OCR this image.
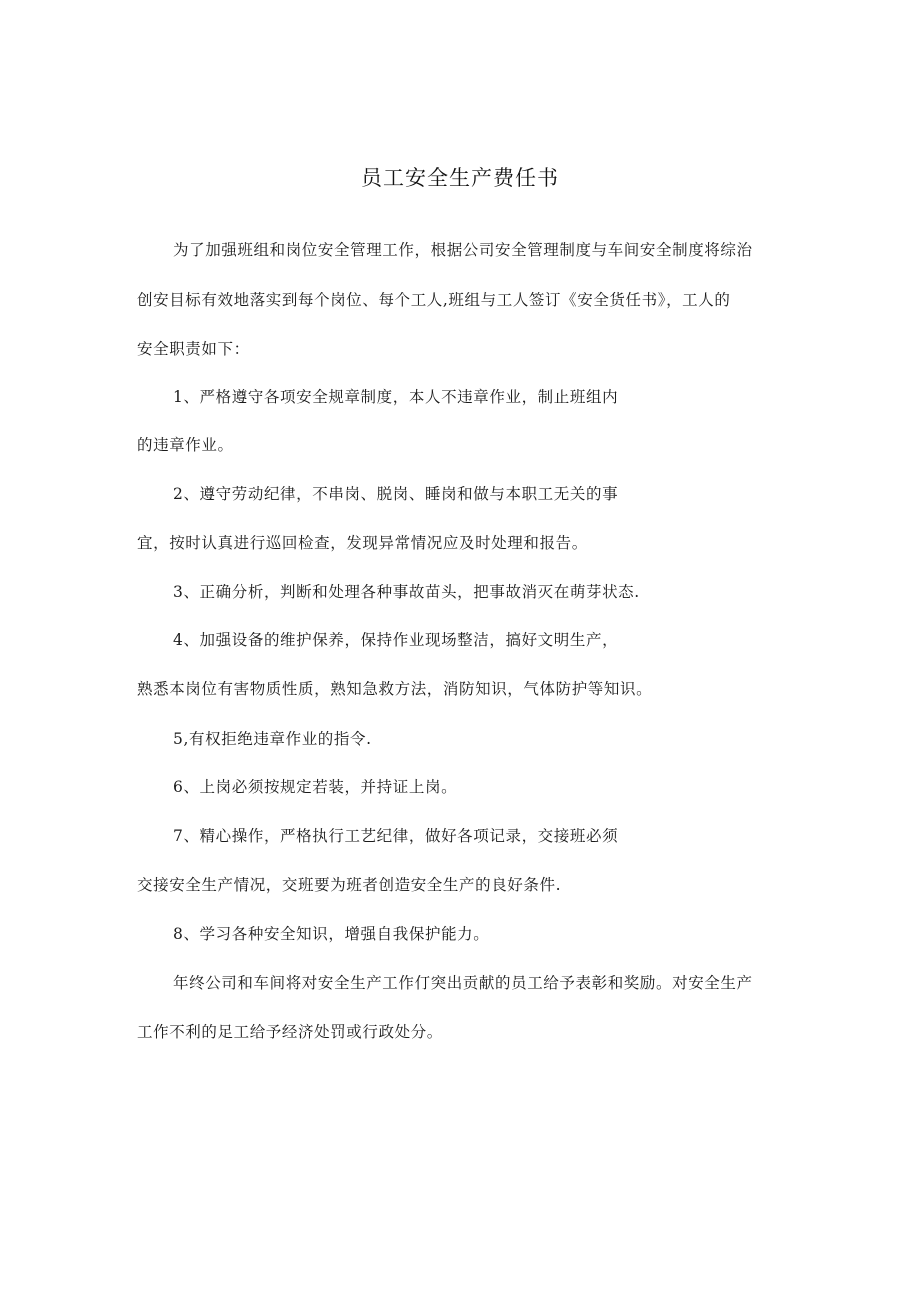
员工安全生产费任书
为了加强班组和岗位安全管理工作，根据公司安全管理制度与车间安全制度将综治
创安目标有效地落实到每个岗位、每个工人,班组与工人签订《安全货任书》，工人的
安全职责如下：
1、严格遵守各项安全规章制度，本人不违章作业，制止班组内
的违章作业。
2、遵守劳动纪律，不串岗、脱岗、睡岗和做与本职工无关的事
宜，按时认真进行巡回检查，发现异常情况应及时处理和报告。
3、正确分析，判断和处理各种事故苗头，把事故消灭在萌芽状态.
4、加强设备的维护保养，保持作业现场整洁，搞好文明生产，
熟悉本岗位有害物质性质，熟知急救方法，消防知识，气体防护等知识。
5,有权拒绝违章作业的指令.
6、上岗必须按规定若装，并持证上岗。
7、精心操作，严格执行工艺纪律，做好各项记录，交接班必须
交接安全生产情况，交班要为班者创造安全生产的良好条件.
8、学习各种安全知识，增强自我保护能力。
年终公司和车间将对安全生产工作仃突出贡献的员工给予表彰和奖励。对安全生产
工作不利的足工给予经济处罚或行政处分。
